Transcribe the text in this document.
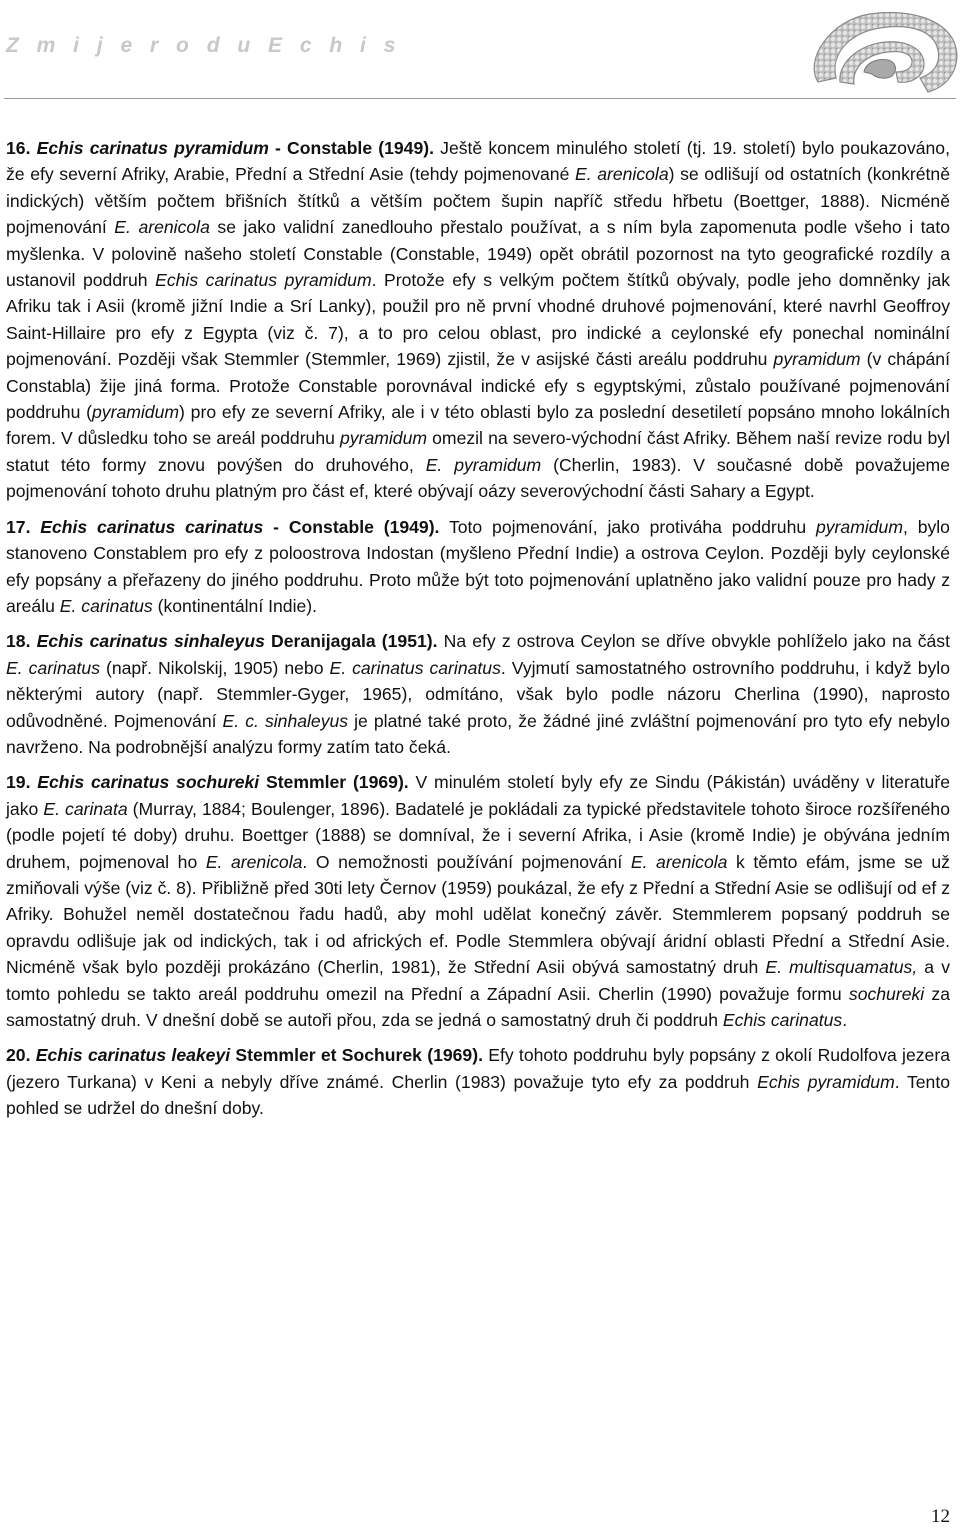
Z m i j e r o d u E c h i s

16. Echis carinatus pyramidum - Constable (1949). Ještě koncem minulého století (tj. 19. století) bylo poukazováno, že efy severní Afriky, Arabie, Přední a Střední Asie (tehdy pojmenované E. arenicola) se odlišují od ostatních (konkrétně indických) větším počtem břišních štítků a větším počtem šupin napříč středu hřbetu (Boettger, 1888). Nicméně pojmenování E. arenicola se jako validní zanedlouho přestalo používat, a s ním byla zapomenuta podle všeho i tato myšlenka. V polovině našeho století Constable (Constable, 1949) opět obrátil pozornost na tyto geografické rozdíly a ustanovil poddruh Echis carinatus pyramidum. Protože efy s velkým počtem štítků obývaly, podle jeho domněnky jak Afriku tak i Asii (kromě jižní Indie a Srí Lanky), použil pro ně první vhodné druhové pojmenování, které navrhl Geoffroy Saint-Hillaire pro efy z Egypta (viz č. 7), a to pro celou oblast, pro indické a ceylonské efy ponechal nominální pojmenování. Později však Stemmler (Stemmler, 1969) zjistil, že v asijské části areálu poddruhu pyramidum (v chápání Constabla) žije jiná forma. Protože Constable porovnával indické efy s egyptskými, zůstalo používané pojmenování poddruhu (pyramidum) pro efy ze severní Afriky, ale i v této oblasti bylo za poslední desetiletí popsáno mnoho lokálních forem. V důsledku toho se areál poddruhu pyramidum omezil na severo-východní část Afriky. Během naší revize rodu byl statut této formy znovu povýšen do druhového, E. pyramidum (Cherlin, 1983). V současné době považujeme pojmenování tohoto druhu platným pro část ef, které obývají oázy severovýchodní části Sahary a Egypt.

17. Echis carinatus carinatus - Constable (1949). Toto pojmenování, jako protiváha poddruhu pyramidum, bylo stanoveno Constablem pro efy z poloostrova Indostan (myšleno Přední Indie) a ostrova Ceylon. Později byly ceylonské efy popsány a přeřazeny do jiného poddruhu. Proto může být toto pojmenování uplatněno jako validní pouze pro hady z areálu E. carinatus (kontinentální Indie).

18. Echis carinatus sinhaleyus Deranijagala (1951). Na efy z ostrova Ceylon se dříve obvykle pohlíželo jako na část E. carinatus (např. Nikolskij, 1905) nebo E. carinatus carinatus. Vyjmutí samostatného ostrovního poddruhu, i když bylo některými autory (např. Stemmler-Gyger, 1965), odmítáno, však bylo podle názoru Cherlina (1990), naprosto odůvodněné. Pojmenování E. c. sinhaleyus je platné také proto, že žádné jiné zvláštní pojmenování pro tyto efy nebylo navrženo. Na podrobnější analýzu formy zatím tato čeká.

19. Echis carinatus sochureki Stemmler (1969). V minulém století byly efy ze Sindu (Pákistán) uváděny v literatuře jako E. carinata (Murray, 1884; Boulenger, 1896). Badatelé je pokládali za typické představitele tohoto široce rozšířeného (podle pojetí té doby) druhu. Boettger (1888) se domníval, že i severní Afrika, i Asie (kromě Indie) je obývána jedním druhem, pojmenoval ho E. arenicola. O nemožnosti používání pojmenování E. arenicola k těmto efám, jsme se už zmiňovali výše (viz č. 8). Přibližně před 30ti lety Černov (1959) poukázal, že efy z Přední a Střední Asie se odlišují od ef z Afriky. Bohužel neměl dostatečnou řadu hadů, aby mohl udělat konečný závěr. Stemmlerem popsaný poddruh se opravdu odlišuje jak od indických, tak i od afrických ef. Podle Stemmlera obývají áridní oblasti Přední a Střední Asie. Nicméně však bylo později prokázáno (Cherlin, 1981), že Střední Asii obývá samostatný druh E. multisquamatus, a v tomto pohledu se takto areál poddruhu omezil na Přední a Západní Asii. Cherlin (1990) považuje formu sochureki za samostatný druh. V dnešní době se autoři přou, zda se jedná o samostatný druh či poddruh Echis carinatus.

20. Echis carinatus leakeyi Stemmler et Sochurek (1969). Efy tohoto poddruhu byly popsány z okolí Rudolfova jezera (jezero Turkana) v Keni a nebyly dříve známé. Cherlin (1983) považuje tyto efy za poddruh Echis pyramidum. Tento pohled se udržel do dnešní doby.

12
